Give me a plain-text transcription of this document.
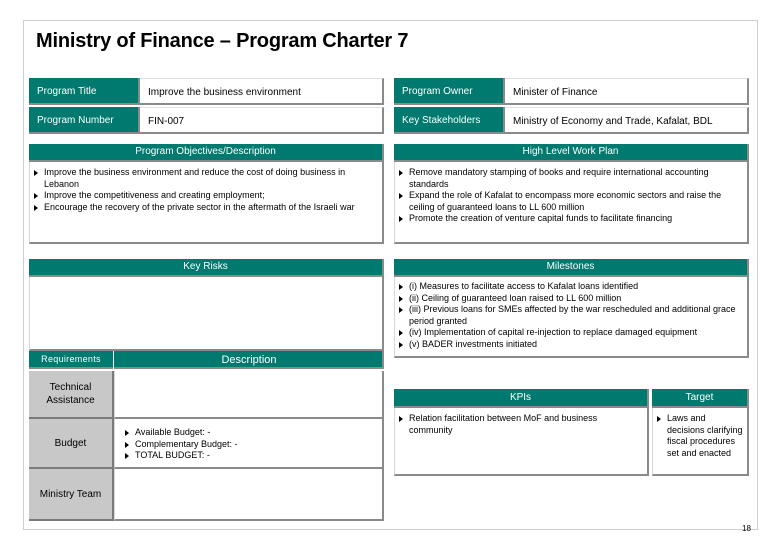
Ministry of Finance – Program Charter 7
Program Title	Improve the business environment	Program Owner	Minister of Finance
Program Number	FIN-007	Key Stakeholders	Ministry of Economy and Trade, Kafalat, BDL
Program Objectives/Description
Improve the business environment and reduce the cost of doing business in Lebanon
Improve the competitiveness and creating employment;
Encourage the recovery of the private sector in the aftermath of the Israeli war
High Level Work Plan
Remove mandatory stamping of books and require international accounting standards
Expand the role of Kafalat to encompass more economic sectors and raise the ceiling of guaranteed loans to LL 600 million
Promote the creation of venture capital funds to facilitate financing
Key Risks	Milestones
(i) Measures to facilitate access to Kafalat loans identified
(ii) Ceiling of guaranteed loan raised to LL 600 million
(iii) Previous loans for SMEs affected by the war rescheduled and additional grace period granted
(iv) Implementation of capital re-injection to replace damaged equipment
(v) BADER investments initiated
Requirements	Description
Technical Assistance
Budget
Available Budget: -
Complementary Budget: -
TOTAL BUDGET: -
Ministry Team
KPIs	Target
Relation facilitation between MoF and business community
Laws and decisions clarifying fiscal procedures set and enacted
18
